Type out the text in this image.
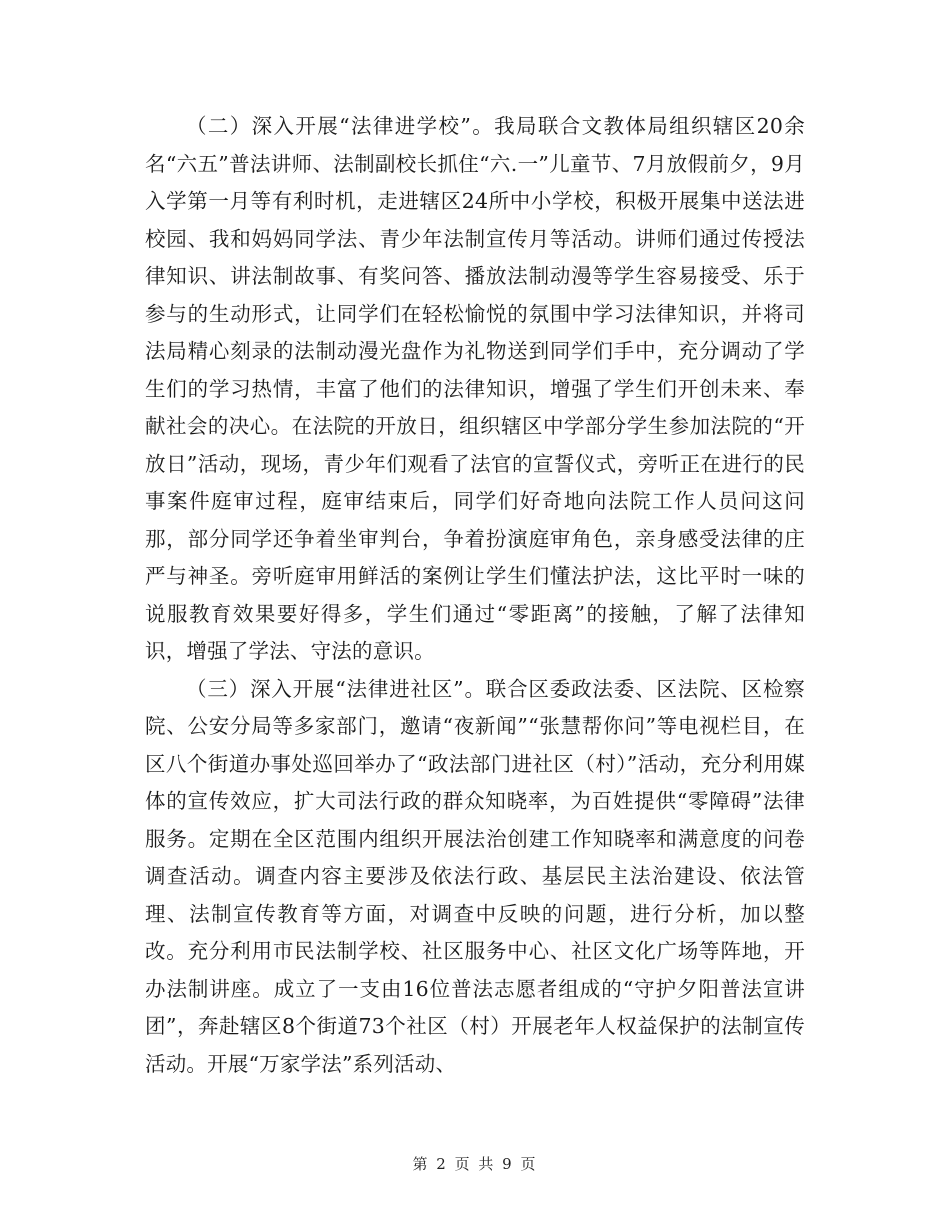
（二）深入开展“法律进学校”。我局联合文教体局组织辖区20余名“六五”普法讲师、法制副校长抓住“六.一”儿童节、7月放假前夕，9月入学第一月等有利时机，走进辖区24所中小学校，积极开展集中送法进校园、我和妈妈同学法、青少年法制宣传月等活动。讲师们通过传授法律知识、讲法制故事、有奖问答、播放法制动漫等学生容易接受、乐于参与的生动形式，让同学们在轻松愉悦的氛围中学习法律知识，并将司法局精心刻录的法制动漫光盘作为礼物送到同学们手中，充分调动了学生们的学习热情，丰富了他们的法律知识，增强了学生们开创未来、奉献社会的决心。在法院的开放日，组织辖区中学部分学生参加法院的“开放日”活动，现场，青少年们观看了法官的宣誓仪式，旁听正在进行的民事案件庭审过程，庭审结束后，同学们好奇地向法院工作人员问这问那，部分同学还争着坐审判台，争着扮演庭审角色，亲身感受法律的庄严与神圣。旁听庭审用鲜活的案例让学生们懂法护法，这比平时一味的说服教育效果要好得多，学生们通过“零距离”的接触，了解了法律知识，增强了学法、守法的意识。

（三）深入开展“法律进社区”。联合区委政法委、区法院、区检察院、公安分局等多家部门，邀请“夜新闻”“张慧帮你问”等电视栏目，在区八个街道办事处巡回举办了“政法部门进社区（村）”活动，充分利用媒体的宣传效应，扩大司法行政的群众知晓率，为百姓提供“零障碍”法律服务。定期在全区范围内组织开展法治创建工作知晓率和满意度的问卷调查活动。调查内容主要涉及依法行政、基层民主法治建设、依法管理、法制宣传教育等方面，对调查中反映的问题，进行分析，加以整改。充分利用市民法制学校、社区服务中心、社区文化广场等阵地，开办法制讲座。成立了一支由16位普法志愿者组成的“守护夕阳普法宣讲团”，奔赴辖区8个街道73个社区（村）开展老年人权益保护的法制宣传活动。开展“万家学法”系列活动、

第 2 页 共 9 页
